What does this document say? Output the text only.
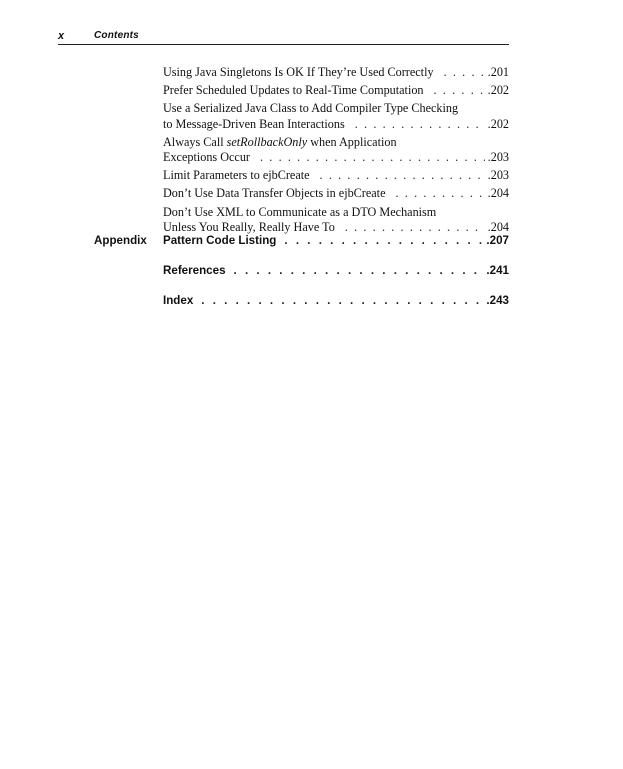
x	Contents
Using Java Singletons Is OK If They’re Used Correctly . . .	.201
Prefer Scheduled Updates to Real-Time Computation . . .	.202
Use a Serialized Java Class to Add Compiler Type Checking
to Message-Driven Bean Interactions . . .	.202
Always Call setRollbackOnly when Application
Exceptions Occur . . .	.203
Limit Parameters to ejbCreate . . .	.203
Don’t Use Data Transfer Objects in ejbCreate . . .	.204
Don’t Use XML to Communicate as a DTO Mechanism
Unless You Really, Really Have To . . .	.204
Appendix Pattern Code Listing . . .	.207
References . . .	.241
Index . . .	.243
